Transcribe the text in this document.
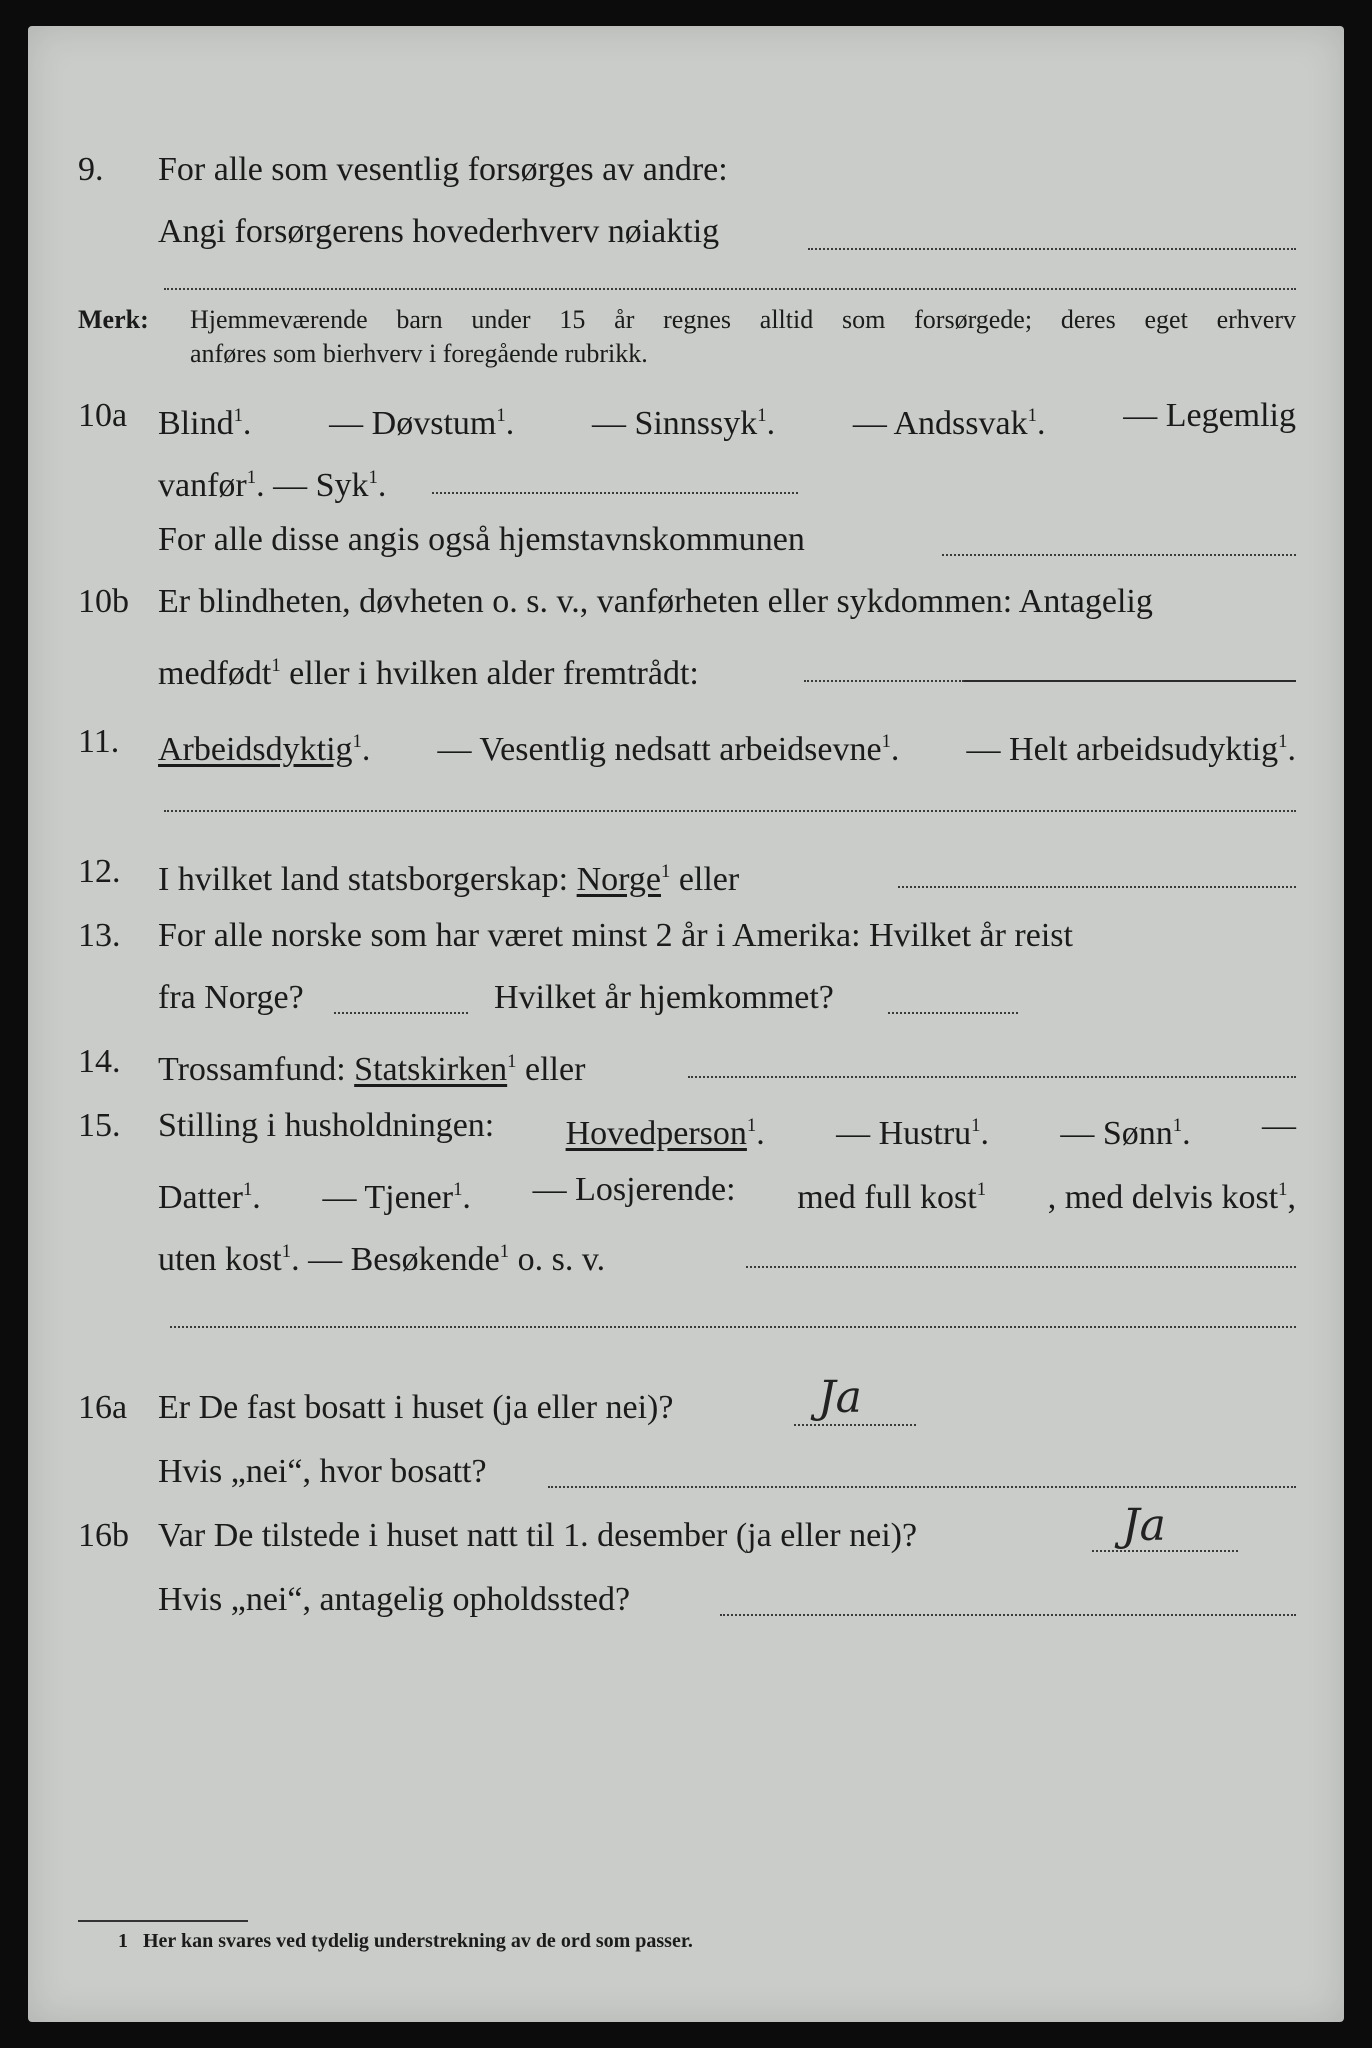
9.	For alle som vesentlig forsørges av andre:
Angi forsørgerens hovederhverv nøiaktig
Merk: Hjemmeværende barn under 15 år regnes alltid som forsørgede; deres eget erhverv
anføres som bierhverv i foregående rubrikk.
10a Blind$^1$. — Døvstum$^1$. — Sinnssyk$^1$. — Andssvak$^1$. — Legemlig
vanfør$^1$. — Syk$^1$.
For alle disse angis også hjemstavnskommunen
10b Er blindheten, døvheten o. s. v., vanførheten eller sykdommen: Antagelig
medfødt$^1$ eller i hvilken alder fremtrådt:
11.	Arbeidsdyktig$^1$. — Vesentlig nedsatt arbeidsevne$^1$. — Helt arbeidsudyktig$^1$.
12.	I hvilket land statsborgerskap: Norge$^1$ eller
13.	For alle norske som har været minst 2 år i Amerika: Hvilket år reist
fra Norge?	Hvilket år hjemkommet?
14.	Trossamfund: Statskirken$^1$ eller
15.	Stilling i husholdningen: Hovedperson$^1$. — Hustru$^1$. — Sønn$^1$. —
Datter$^1$. — Tjener$^1$. — Losjerende: med full kost$^1$ , med delvis kost$^1$,
uten kost$^1$. — Besøkende$^1$ o. s. v.
16a Er De fast bosatt i huset (ja eller nei)?	Ja
Hvis „nei“, hvor bosatt?
16b Var De tilstede i huset natt til 1. desember (ja eller nei)?	Ja
Hvis „nei“, antagelig opholdssted?
1 Her kan svares ved tydelig understrekning av de ord som passer.
